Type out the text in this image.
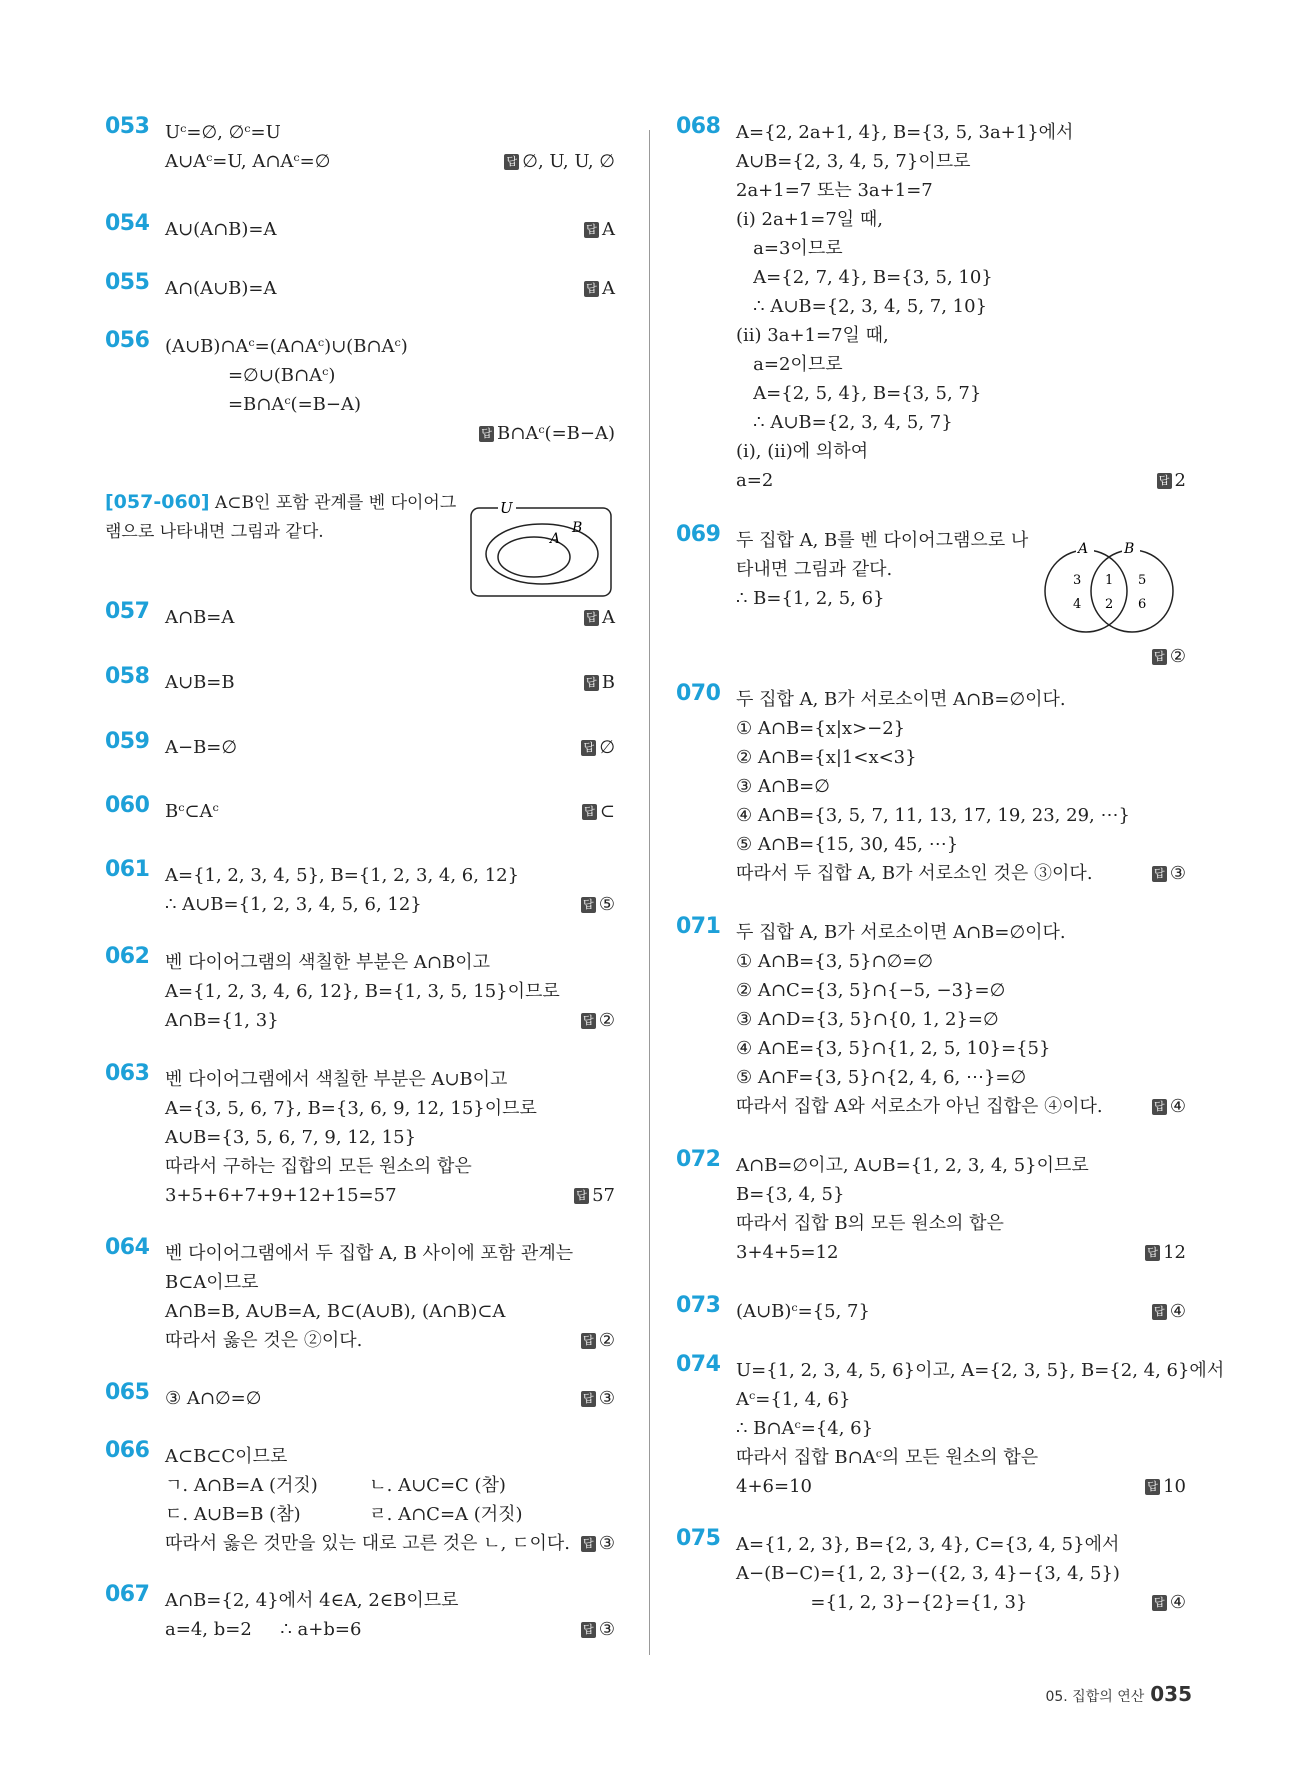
053 Uᶜ=∅, ∅ᶜ=U
A∪Aᶜ=U, A∩Aᶜ=∅	답 ∅, U, U, ∅
054 A∪(A∩B)=A	답 A
055 A∩(A∪B)=A	답 A
056 (A∪B)∩Aᶜ=(A∩Aᶜ)∪(B∩Aᶜ)
=∅∪(B∩Aᶜ)
=B∩Aᶜ(=B−A)
답 B∩Aᶜ(=B−A)
057 A∩B=A	답 A
058 A∪B=B	답 B
059 A−B=∅	답 ∅
060 Bᶜ⊂Aᶜ	답 ⊂
061 A={1, 2, 3, 4, 5}, B={1, 2, 3, 4, 6, 12}
∴ A∪B={1, 2, 3, 4, 5, 6, 12}	답 ⑤
062 벤 다이어그램의 색칠한 부분은 A∩B이고
A={1, 2, 3, 4, 6, 12}, B={1, 3, 5, 15}이므로
A∩B={1, 3}	답 ②
063 벤 다이어그램에서 색칠한 부분은 A∪B이고
A={3, 5, 6, 7}, B={3, 6, 9, 12, 15}이므로
A∪B={3, 5, 6, 7, 9, 12, 15}
따라서 구하는 집합의 모든 원소의 합은
3+5+6+7+9+12+15=57	답 57
064 벤 다이어그램에서 두 집합 A, B 사이에 포함 관계는
B⊂A이므로
A∩B=B, A∪B=A, B⊂(A∪B), (A∩B)⊂A
따라서 옳은 것은 ②이다.	답 ②
065 ③ A∩∅=∅	답 ③
066 A⊂B⊂C이므로
ㄱ. A∩B=A (거짓)         ㄴ. A∪C=C (참)
ㄷ. A∪B=B (참)            ㄹ. A∩C=A (거짓)
따라서 옳은 것만을 있는 대로 고른 것은 ㄴ, ㄷ이다.	답 ③
067 A∩B={2, 4}에서 4∈A, 2∈B이므로
a=4, b=2     ∴ a+b=6	답 ③
068 A={2, 2a+1, 4}, B={3, 5, 3a+1}에서
A∪B={2, 3, 4, 5, 7}이므로
2a+1=7 또는 3a+1=7
(ⅰ) 2a+1=7일 때,
a=3이므로
A={2, 7, 4}, B={3, 5, 10}
∴ A∪B={2, 3, 4, 5, 7, 10}
(ⅱ) 3a+1=7일 때,
a=2이므로
A={2, 5, 4}, B={3, 5, 7}
∴ A∪B={2, 3, 4, 5, 7}
(ⅰ), (ⅱ)에 의하여
a=2	답 2
069 두 집합 A, B를 벤 다이어그램으로 나
타내면 그림과 같다.
∴ B={1, 2, 5, 6}
답 ②
070 두 집합 A, B가 서로소이면 A∩B=∅이다.
① A∩B={x|x>−2}
② A∩B={x|1<x<3}
③ A∩B=∅
④ A∩B={3, 5, 7, 11, 13, 17, 19, 23, 29, ⋯}
⑤ A∩B={15, 30, 45, ⋯}
따라서 두 집합 A, B가 서로소인 것은 ③이다.	답 ③
071 두 집합 A, B가 서로소이면 A∩B=∅이다.
① A∩B={3, 5}∩∅=∅
② A∩C={3, 5}∩{−5, −3}=∅
③ A∩D={3, 5}∩{0, 1, 2}=∅
④ A∩E={3, 5}∩{1, 2, 5, 10}={5}
⑤ A∩F={3, 5}∩{2, 4, 6, ⋯}=∅
따라서 집합 A와 서로소가 아닌 집합은 ④이다.	답 ④
072 A∩B=∅이고, A∪B={1, 2, 3, 4, 5}이므로
B={3, 4, 5}
따라서 집합 B의 모든 원소의 합은
3+4+5=12	답 12
073 (A∪B)ᶜ={5, 7}	답 ④
074 U={1, 2, 3, 4, 5, 6}이고, A={2, 3, 5}, B={2, 4, 6}에서
Aᶜ={1, 4, 6}
∴ B∩Aᶜ={4, 6}
따라서 집합 B∩Aᶜ의 모든 원소의 합은
4+6=10	답 10
075 A={1, 2, 3}, B={2, 3, 4}, C={3, 4, 5}에서
A−(B−C)={1, 2, 3}−({2, 3, 4}−{3, 4, 5})
={1, 2, 3}−{2}={1, 3}	답 ④
[057-060] A⊂B인 포함 관계를 벤 다이어그램으로 나타내면 그림과 같다.
U
A
B
A	B
3
4
1
2
5
6
05. 집합의 연산 035
